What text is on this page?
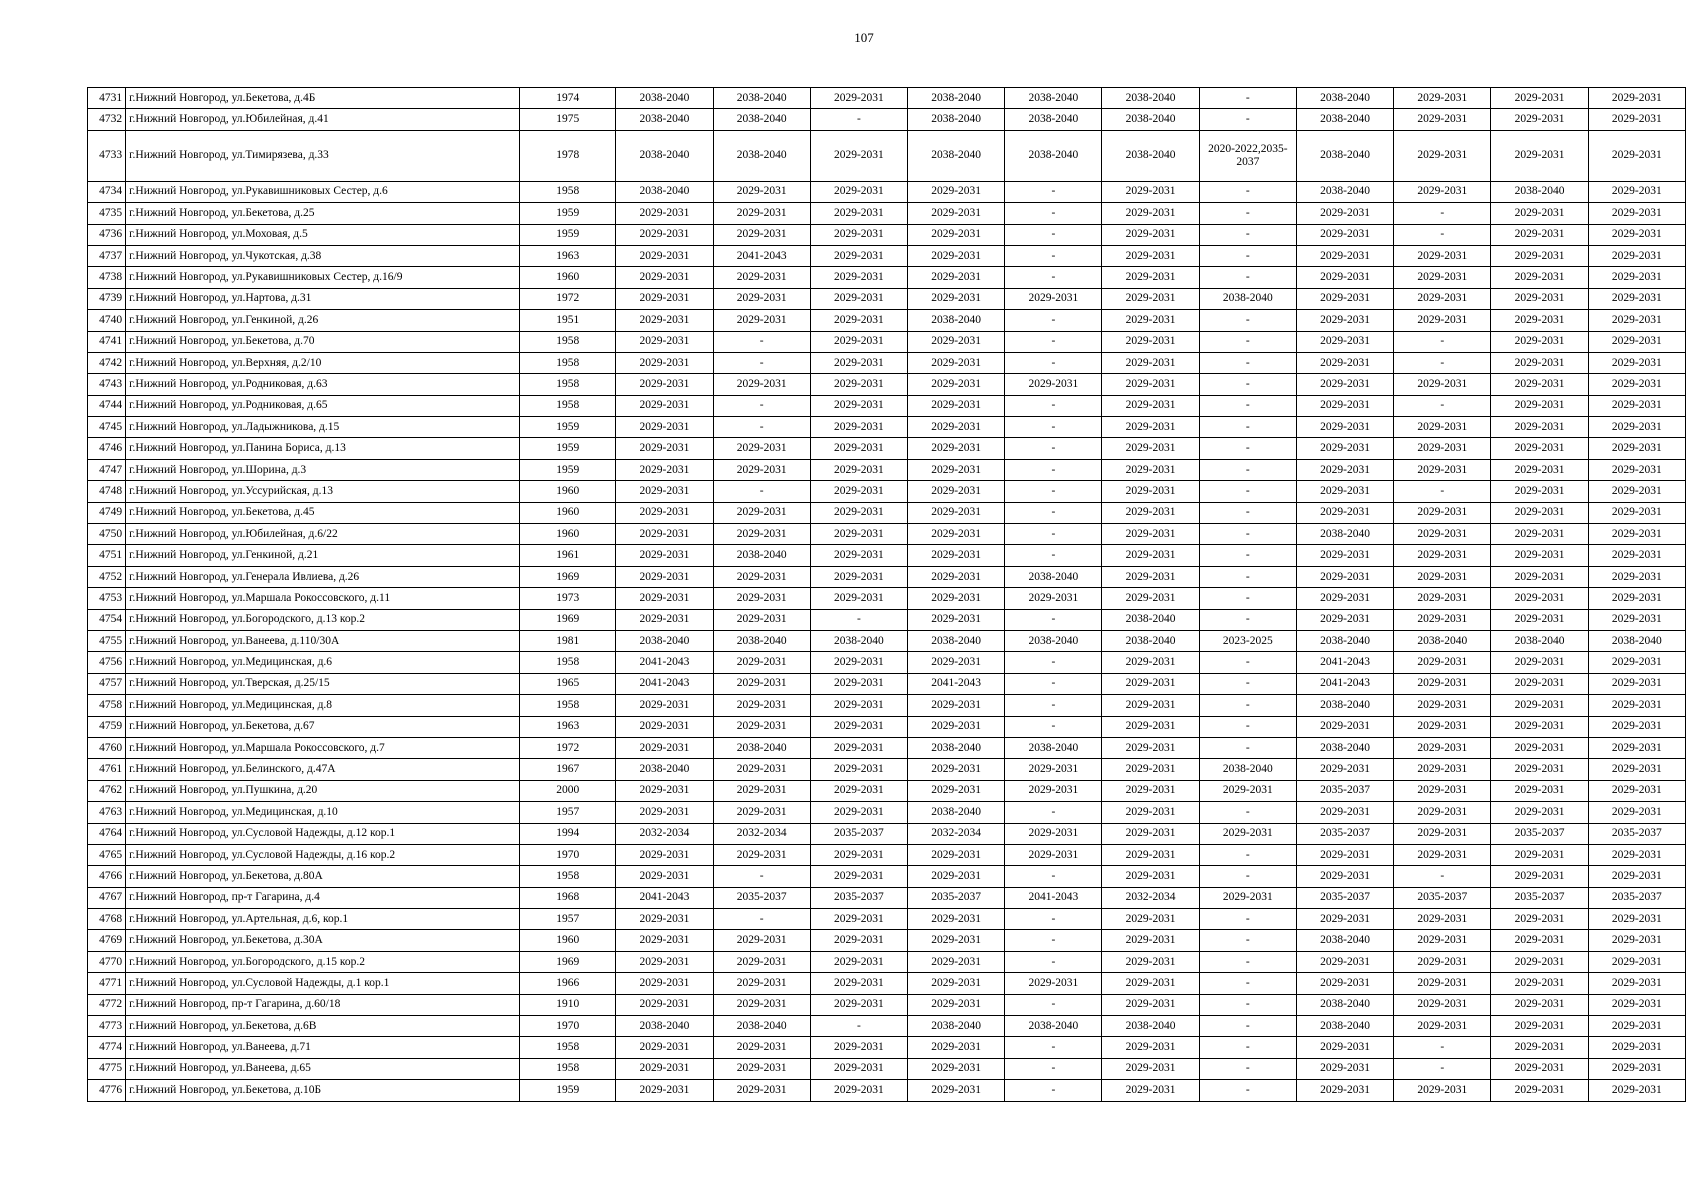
107
4731	г.Нижний Новгород, ул.Бекетова, д.4Б	1974	2038-2040	2038-2040	2029-2031	2038-2040	2038-2040	2038-2040	-	2038-2040	2029-2031	2029-2031	2029-2031
4732	г.Нижний Новгород, ул.Юбилейная, д.41	1975	2038-2040	2038-2040	-	2038-2040	2038-2040	2038-2040	-	2038-2040	2029-2031	2029-2031	2029-2031
4733	г.Нижний Новгород, ул.Тимирязева, д.33	1978	2038-2040	2038-2040	2029-2031	2038-2040	2038-2040	2038-2040	2020-2022,2035-2037	2038-2040	2029-2031	2029-2031	2029-2031
4734	г.Нижний Новгород, ул.Рукавишниковых Сестер, д.6	1958	2038-2040	2029-2031	2029-2031	2029-2031	-	2029-2031	-	2038-2040	2029-2031	2038-2040	2029-2031
4735	г.Нижний Новгород, ул.Бекетова, д.25	1959	2029-2031	2029-2031	2029-2031	2029-2031	-	2029-2031	-	2029-2031	-	2029-2031	2029-2031
4736	г.Нижний Новгород, ул.Моховая, д.5	1959	2029-2031	2029-2031	2029-2031	2029-2031	-	2029-2031	-	2029-2031	-	2029-2031	2029-2031
4737	г.Нижний Новгород, ул.Чукотская, д.38	1963	2029-2031	2041-2043	2029-2031	2029-2031	-	2029-2031	-	2029-2031	2029-2031	2029-2031	2029-2031
4738	г.Нижний Новгород, ул.Рукавишниковых Сестер, д.16/9	1960	2029-2031	2029-2031	2029-2031	2029-2031	-	2029-2031	-	2029-2031	2029-2031	2029-2031	2029-2031
4739	г.Нижний Новгород, ул.Нартова, д.31	1972	2029-2031	2029-2031	2029-2031	2029-2031	2029-2031	2029-2031	2038-2040	2029-2031	2029-2031	2029-2031	2029-2031
4740	г.Нижний Новгород, ул.Генкиной, д.26	1951	2029-2031	2029-2031	2029-2031	2038-2040	-	2029-2031	-	2029-2031	2029-2031	2029-2031	2029-2031
4741	г.Нижний Новгород, ул.Бекетова, д.70	1958	2029-2031	-	2029-2031	2029-2031	-	2029-2031	-	2029-2031	-	2029-2031	2029-2031
4742	г.Нижний Новгород, ул.Верхняя, д.2/10	1958	2029-2031	-	2029-2031	2029-2031	-	2029-2031	-	2029-2031	-	2029-2031	2029-2031
4743	г.Нижний Новгород, ул.Родниковая, д.63	1958	2029-2031	2029-2031	2029-2031	2029-2031	2029-2031	2029-2031	-	2029-2031	2029-2031	2029-2031	2029-2031
4744	г.Нижний Новгород, ул.Родниковая, д.65	1958	2029-2031	-	2029-2031	2029-2031	-	2029-2031	-	2029-2031	-	2029-2031	2029-2031
4745	г.Нижний Новгород, ул.Ладыжникова, д.15	1959	2029-2031	-	2029-2031	2029-2031	-	2029-2031	-	2029-2031	2029-2031	2029-2031	2029-2031
4746	г.Нижний Новгород, ул.Панина Бориса, д.13	1959	2029-2031	2029-2031	2029-2031	2029-2031	-	2029-2031	-	2029-2031	2029-2031	2029-2031	2029-2031
4747	г.Нижний Новгород, ул.Шорина, д.3	1959	2029-2031	2029-2031	2029-2031	2029-2031	-	2029-2031	-	2029-2031	2029-2031	2029-2031	2029-2031
4748	г.Нижний Новгород, ул.Уссурийская, д.13	1960	2029-2031	-	2029-2031	2029-2031	-	2029-2031	-	2029-2031	-	2029-2031	2029-2031
4749	г.Нижний Новгород, ул.Бекетова, д.45	1960	2029-2031	2029-2031	2029-2031	2029-2031	-	2029-2031	-	2029-2031	2029-2031	2029-2031	2029-2031
4750	г.Нижний Новгород, ул.Юбилейная, д.6/22	1960	2029-2031	2029-2031	2029-2031	2029-2031	-	2029-2031	-	2038-2040	2029-2031	2029-2031	2029-2031
4751	г.Нижний Новгород, ул.Генкиной, д.21	1961	2029-2031	2038-2040	2029-2031	2029-2031	-	2029-2031	-	2029-2031	2029-2031	2029-2031	2029-2031
4752	г.Нижний Новгород, ул.Генерала Ивлиева, д.26	1969	2029-2031	2029-2031	2029-2031	2029-2031	2038-2040	2029-2031	-	2029-2031	2029-2031	2029-2031	2029-2031
4753	г.Нижний Новгород, ул.Маршала Рокоссовского, д.11	1973	2029-2031	2029-2031	2029-2031	2029-2031	2029-2031	2029-2031	-	2029-2031	2029-2031	2029-2031	2029-2031
4754	г.Нижний Новгород, ул.Богородского, д.13 кор.2	1969	2029-2031	2029-2031	-	2029-2031	-	2038-2040	-	2029-2031	2029-2031	2029-2031	2029-2031
4755	г.Нижний Новгород, ул.Ванеева, д.110/30А	1981	2038-2040	2038-2040	2038-2040	2038-2040	2038-2040	2038-2040	2023-2025	2038-2040	2038-2040	2038-2040	2038-2040
4756	г.Нижний Новгород, ул.Медицинская, д.6	1958	2041-2043	2029-2031	2029-2031	2029-2031	-	2029-2031	-	2041-2043	2029-2031	2029-2031	2029-2031
4757	г.Нижний Новгород, ул.Тверская, д.25/15	1965	2041-2043	2029-2031	2029-2031	2041-2043	-	2029-2031	-	2041-2043	2029-2031	2029-2031	2029-2031
4758	г.Нижний Новгород, ул.Медицинская, д.8	1958	2029-2031	2029-2031	2029-2031	2029-2031	-	2029-2031	-	2038-2040	2029-2031	2029-2031	2029-2031
4759	г.Нижний Новгород, ул.Бекетова, д.67	1963	2029-2031	2029-2031	2029-2031	2029-2031	-	2029-2031	-	2029-2031	2029-2031	2029-2031	2029-2031
4760	г.Нижний Новгород, ул.Маршала Рокоссовского, д.7	1972	2029-2031	2038-2040	2029-2031	2038-2040	2038-2040	2029-2031	-	2038-2040	2029-2031	2029-2031	2029-2031
4761	г.Нижний Новгород, ул.Белинского, д.47А	1967	2038-2040	2029-2031	2029-2031	2029-2031	2029-2031	2029-2031	2038-2040	2029-2031	2029-2031	2029-2031	2029-2031
4762	г.Нижний Новгород, ул.Пушкина, д.20	2000	2029-2031	2029-2031	2029-2031	2029-2031	2029-2031	2029-2031	2029-2031	2035-2037	2029-2031	2029-2031	2029-2031
4763	г.Нижний Новгород, ул.Медицинская, д.10	1957	2029-2031	2029-2031	2029-2031	2038-2040	-	2029-2031	-	2029-2031	2029-2031	2029-2031	2029-2031
4764	г.Нижний Новгород, ул.Сусловой Надежды, д.12 кор.1	1994	2032-2034	2032-2034	2035-2037	2032-2034	2029-2031	2029-2031	2029-2031	2035-2037	2029-2031	2035-2037	2035-2037
4765	г.Нижний Новгород, ул.Сусловой Надежды, д.16 кор.2	1970	2029-2031	2029-2031	2029-2031	2029-2031	2029-2031	2029-2031	-	2029-2031	2029-2031	2029-2031	2029-2031
4766	г.Нижний Новгород, ул.Бекетова, д.80А	1958	2029-2031	-	2029-2031	2029-2031	-	2029-2031	-	2029-2031	-	2029-2031	2029-2031
4767	г.Нижний Новгород, пр-т Гагарина, д.4	1968	2041-2043	2035-2037	2035-2037	2035-2037	2041-2043	2032-2034	2029-2031	2035-2037	2035-2037	2035-2037	2035-2037
4768	г.Нижний Новгород, ул.Артельная, д.6, кор.1	1957	2029-2031	-	2029-2031	2029-2031	-	2029-2031	-	2029-2031	2029-2031	2029-2031	2029-2031
4769	г.Нижний Новгород, ул.Бекетова, д.30А	1960	2029-2031	2029-2031	2029-2031	2029-2031	-	2029-2031	-	2038-2040	2029-2031	2029-2031	2029-2031
4770	г.Нижний Новгород, ул.Богородского, д.15 кор.2	1969	2029-2031	2029-2031	2029-2031	2029-2031	-	2029-2031	-	2029-2031	2029-2031	2029-2031	2029-2031
4771	г.Нижний Новгород, ул.Сусловой Надежды, д.1 кор.1	1966	2029-2031	2029-2031	2029-2031	2029-2031	2029-2031	2029-2031	-	2029-2031	2029-2031	2029-2031	2029-2031
4772	г.Нижний Новгород, пр-т Гагарина, д.60/18	1910	2029-2031	2029-2031	2029-2031	2029-2031	-	2029-2031	-	2038-2040	2029-2031	2029-2031	2029-2031
4773	г.Нижний Новгород, ул.Бекетова, д.6В	1970	2038-2040	2038-2040	-	2038-2040	2038-2040	2038-2040	-	2038-2040	2029-2031	2029-2031	2029-2031
4774	г.Нижний Новгород, ул.Ванеева, д.71	1958	2029-2031	2029-2031	2029-2031	2029-2031	-	2029-2031	-	2029-2031	-	2029-2031	2029-2031
4775	г.Нижний Новгород, ул.Ванеева, д.65	1958	2029-2031	2029-2031	2029-2031	2029-2031	-	2029-2031	-	2029-2031	-	2029-2031	2029-2031
4776	г.Нижний Новгород, ул.Бекетова, д.10Б	1959	2029-2031	2029-2031	2029-2031	2029-2031	-	2029-2031	-	2029-2031	2029-2031	2029-2031	2029-2031
